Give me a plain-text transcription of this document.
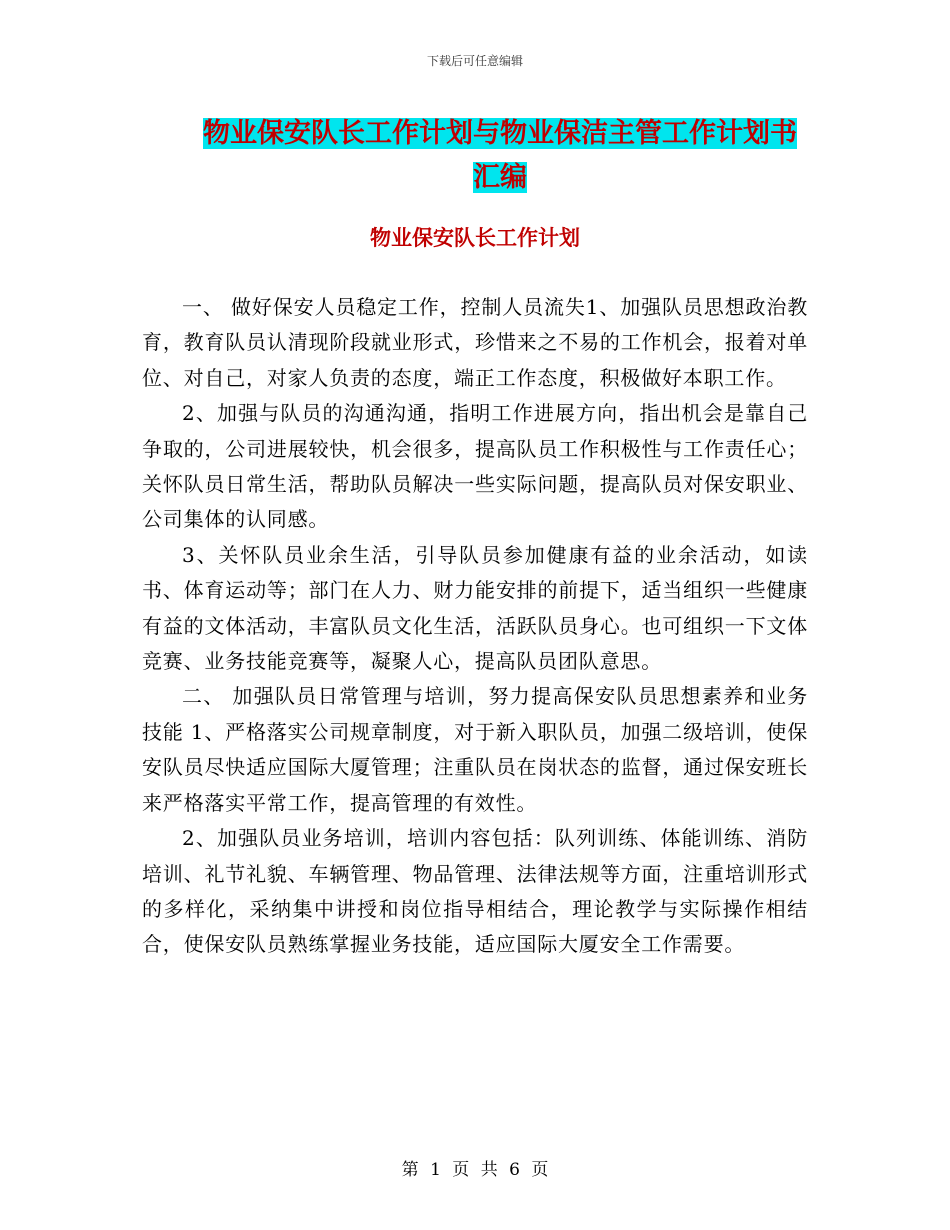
下载后可任意编辑
物业保安队长工作计划与物业保洁主管工作计划书汇编
物业保安队长工作计划

一、 做好保安人员稳定工作，控制人员流失1、加强队员思想政治教育，教育队员认清现阶段就业形式，珍惜来之不易的工作机会，报着对单位、对自己，对家人负责的态度，端正工作态度，积极做好本职工作。

2、加强与队员的沟通沟通，指明工作进展方向，指出机会是靠自己争取的，公司进展较快，机会很多，提高队员工作积极性与工作责任心；关怀队员日常生活，帮助队员解决一些实际问题，提高队员对保安职业、公司集体的认同感。

3、关怀队员业余生活，引导队员参加健康有益的业余活动，如读书、体育运动等；部门在人力、财力能安排的前提下，适当组织一些健康有益的文体活动，丰富队员文化生活，活跃队员身心。也可组织一下文体竞赛、业务技能竞赛等，凝聚人心，提高队员团队意思。

二、 加强队员日常管理与培训，努力提高保安队员思想素养和业务技能 1、严格落实公司规章制度，对于新入职队员，加强二级培训，使保安队员尽快适应国际大厦管理；注重队员在岗状态的监督，通过保安班长来严格落实平常工作，提高管理的有效性。

2、加强队员业务培训，培训内容包括：队列训练、体能训练、消防培训、礼节礼貌、车辆管理、物品管理、法律法规等方面，注重培训形式的多样化，采纳集中讲授和岗位指导相结合，理论教学与实际操作相结合，使保安队员熟练掌握业务技能，适应国际大厦安全工作需要。

第 1 页 共 6 页
